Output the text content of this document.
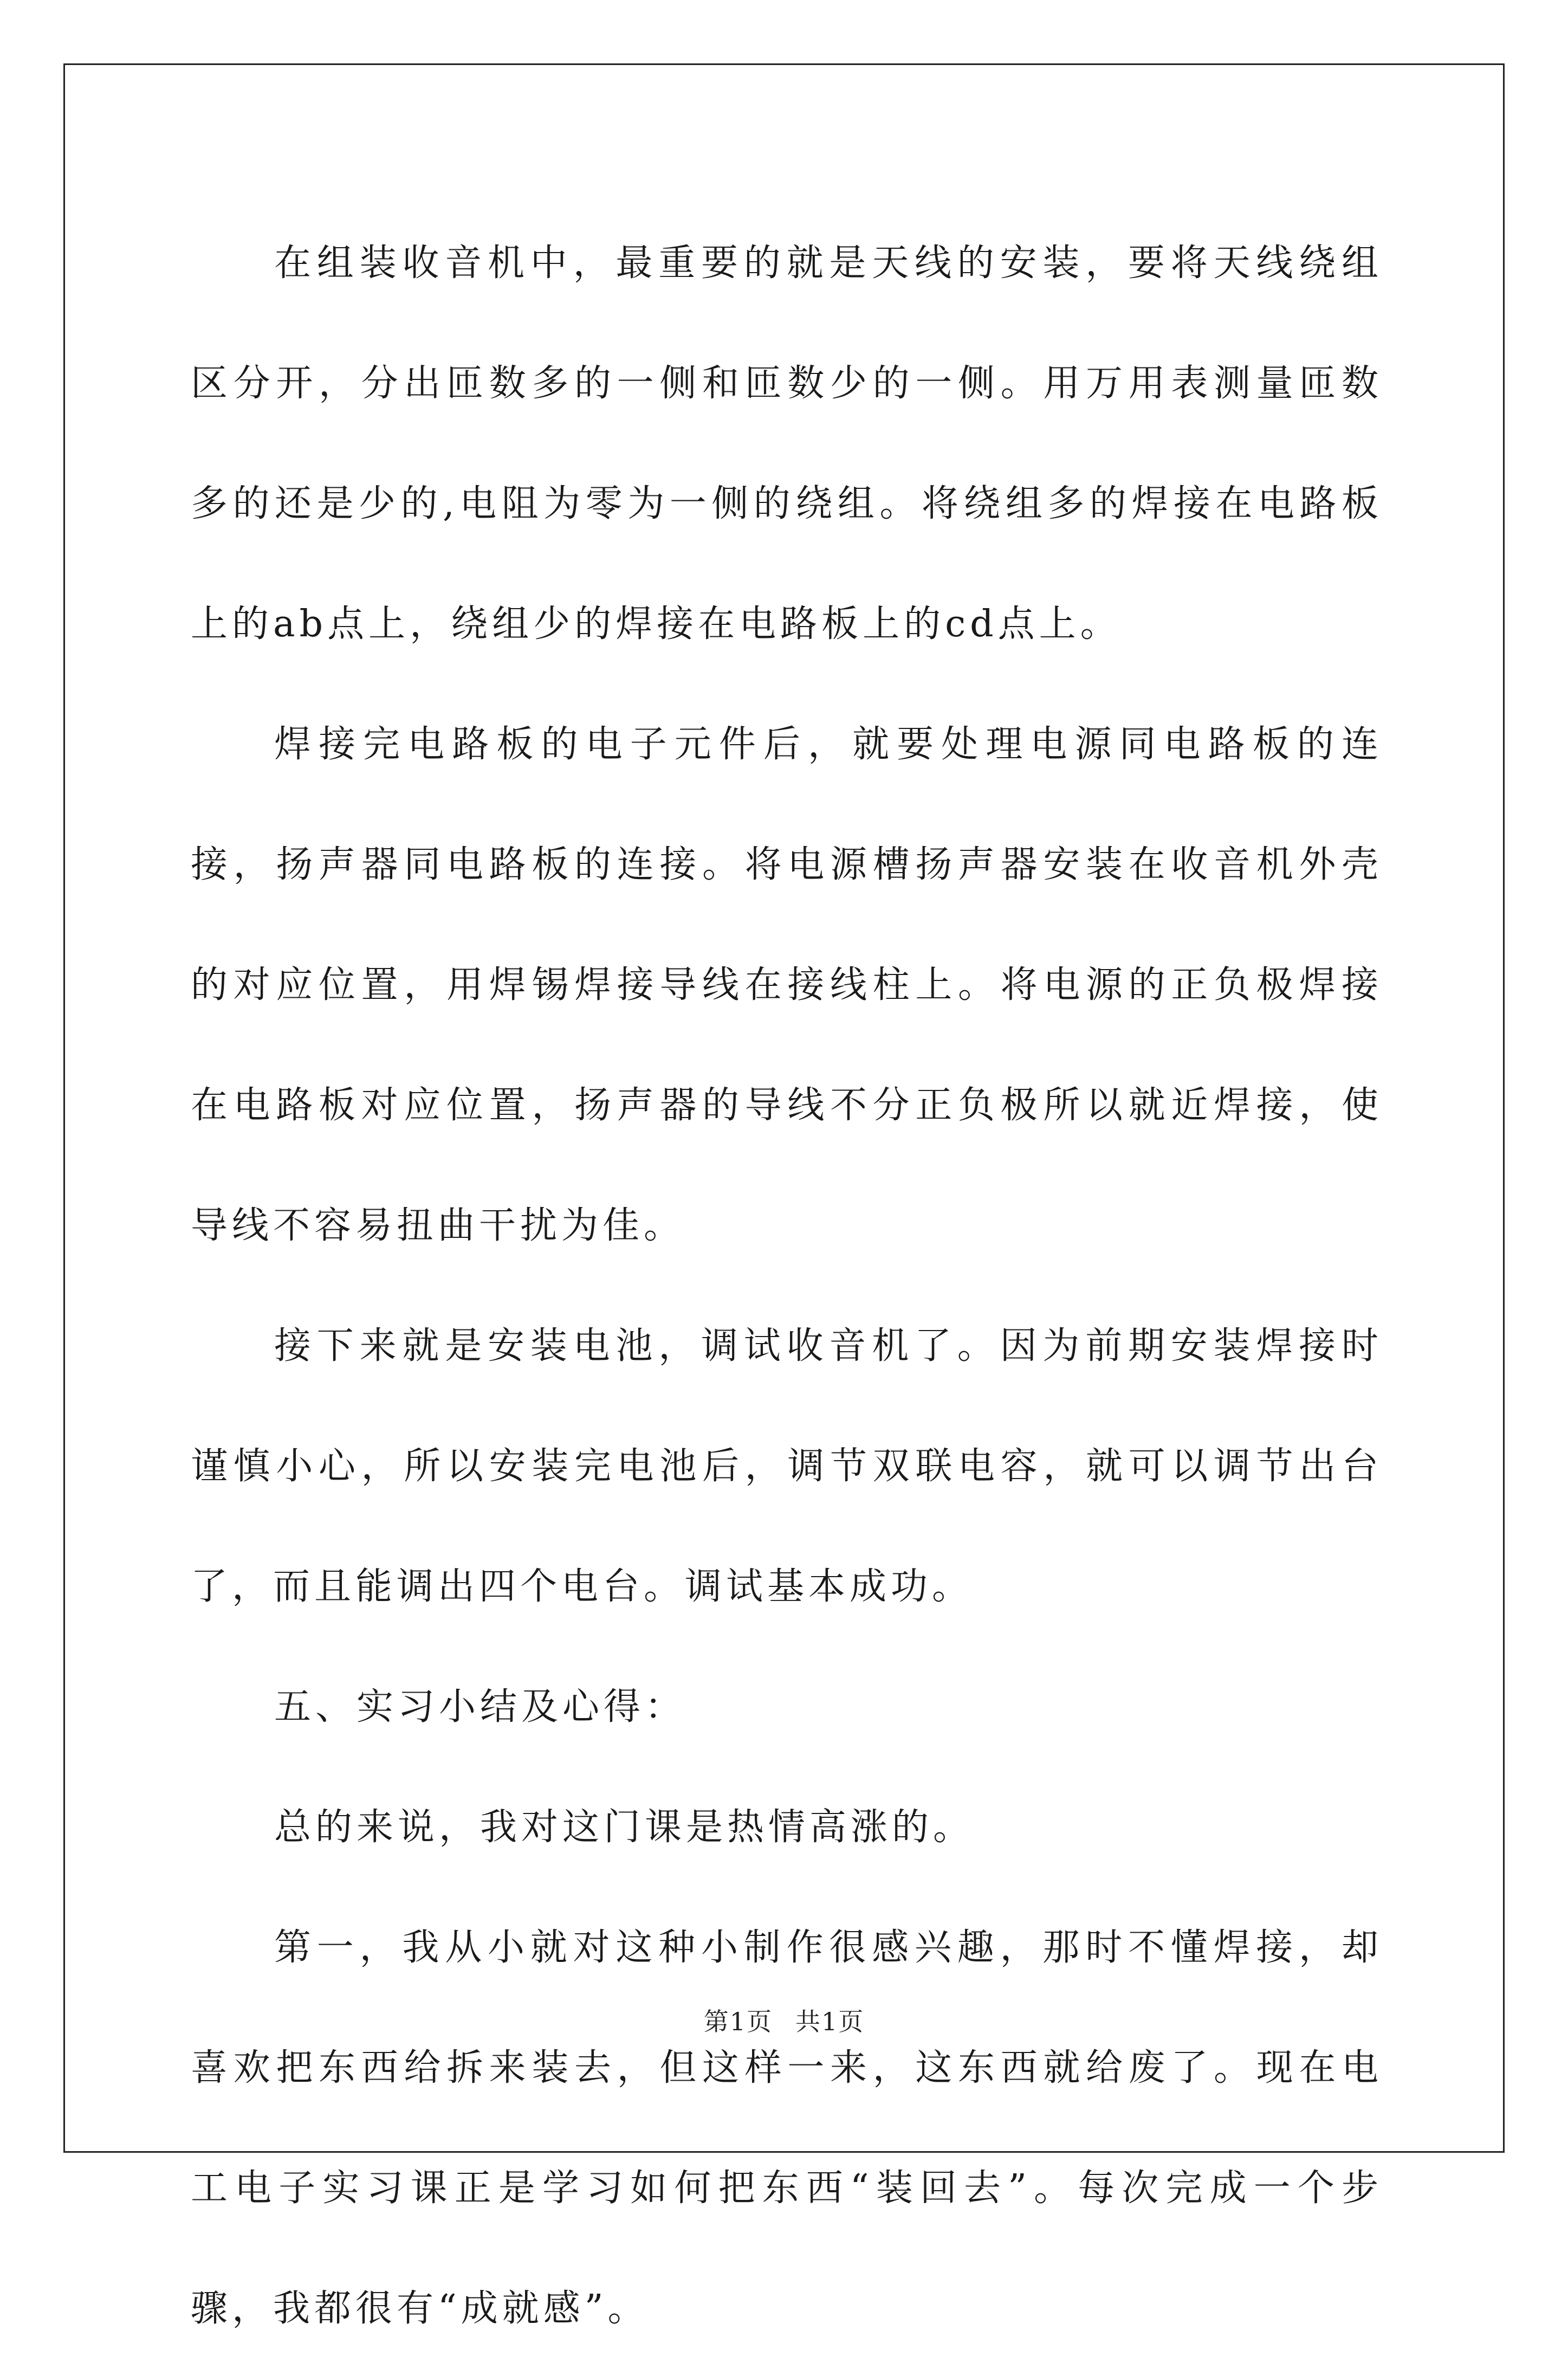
在组装收音机中，最重要的就是天线的安装，要将天线绕组区分开，分出匝数多的一侧和匝数少的一侧。用万用表测量匝数多的还是少的,电阻为零为一侧的绕组。将绕组多的焊接在电路板上的ab点上，绕组少的焊接在电路板上的cd点上。

焊接完电路板的电子元件后，就要处理电源同电路板的连接，扬声器同电路板的连接。将电源槽扬声器安装在收音机外壳的对应位置，用焊锡焊接导线在接线柱上。将电源的正负极焊接在电路板对应位置，扬声器的导线不分正负极所以就近焊接，使导线不容易扭曲干扰为佳。

接下来就是安装电池，调试收音机了。因为前期安装焊接时谨慎小心，所以安装完电池后，调节双联电容，就可以调节出台了，而且能调出四个电台。调试基本成功。

五、实习小结及心得：

总的来说，我对这门课是热情高涨的。

第一，我从小就对这种小制作很感兴趣，那时不懂焊接，却喜欢把东西给拆来装去，但这样一来，这东西就给废了。现在电工电子实习课正是学习如何把东西“装回去”。每次完成一个步骤，我都很有“成就感”。

第1页 共1页
